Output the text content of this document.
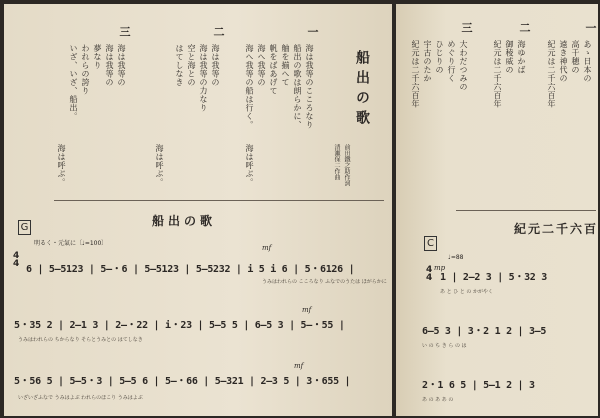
船出の歌
前田鐵之助作詞
清瀬保二作曲
一
海は我等のこころなり
船出の歌は朗らかに、
舳を揃へて
帆をばあげて
海へ我等の
海へ我等の船は行く。
海は呼ぶ。
二
海は我等の
海は我等の力なり
空と海との
はてしなき
海は呼ぶ。
三
海は我等の
海は我等の
夢なり
われらの誇り
いざ、いざ、船出。
海は呼ぶ。
G	船出の歌
明るく・元氣に〔♩=100〕
4
4
mf
6 | 5―5123 | 5―・6 | 5―5123 | 5―5232 | i 5 i 6 | 5・6126 |
うみはわれらの こころなり ふなでのうたは ほがらかに
mf
5・35 2 | 2―1 3 | 2―・22 | i・23 | 5―5 5 | 6―5 3 | 5―・55 |
うみはわれらの ちからなり そらとうみとの はてしなき
mf
5・56 5 | 5―5・3 | 5―5 6 | 5―・66 | 5―321 | 2―3 5 | 3・655 |
いざいざふなで うみはよぶ われらのほこり うみはよぶ
一
あゝ日本の
高千穂の
遠き神代の
紀元は二千六百年
二
海ゆかば
御稜威の
紀元は二千六百年
三
大わだつみの
めぐり行く
ひじりの
宇古のたか
紀元は二千六百年
紀元二千六百
C
♩=88
mp
4
4 1 | 2―2 3 | 5・32 3
あ と ひ と の かがやく
6―5 3 | 3・2 1 2 | 3―5
い の ち き ら の は
2・1 6 5 | 5―1 2 | 3
あ の あ あ の
